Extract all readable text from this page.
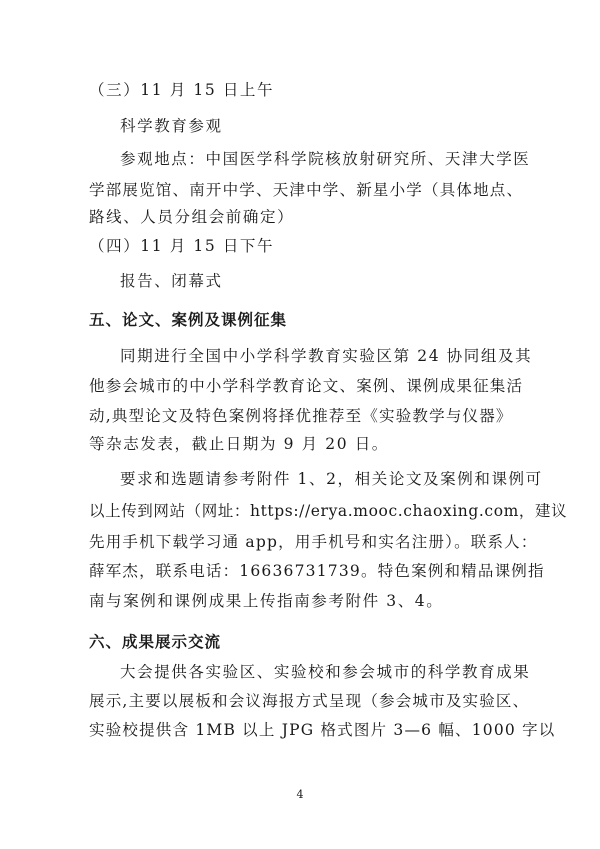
（三）11 月 15 日上午
科学教育参观
参观地点：中国医学科学院核放射研究所、天津大学医
学部展览馆、南开中学、天津中学、新星小学（具体地点、
路线、人员分组会前确定）
（四）11 月 15 日下午
报告、闭幕式
五、论文、案例及课例征集
同期进行全国中小学科学教育实验区第 24 协同组及其
他参会城市的中小学科学教育论文、案例、课例成果征集活
动,典型论文及特色案例将择优推荐至《实验教学与仪器》
等杂志发表，截止日期为 9 月 20 日。
要求和选题请参考附件 1、2，相关论文及案例和课例可
以上传到网站（网址：https://erya.mooc.chaoxing.com，建议
先用手机下载学习通 app，用手机号和实名注册）。联系人：
薛军杰，联系电话：16636731739。特色案例和精品课例指
南与案例和课例成果上传指南参考附件 3、4。
六、成果展示交流
大会提供各实验区、实验校和参会城市的科学教育成果
展示,主要以展板和会议海报方式呈现（参会城市及实验区、
实验校提供含 1MB 以上 JPG 格式图片 3—6 幅、1000 字以
4
